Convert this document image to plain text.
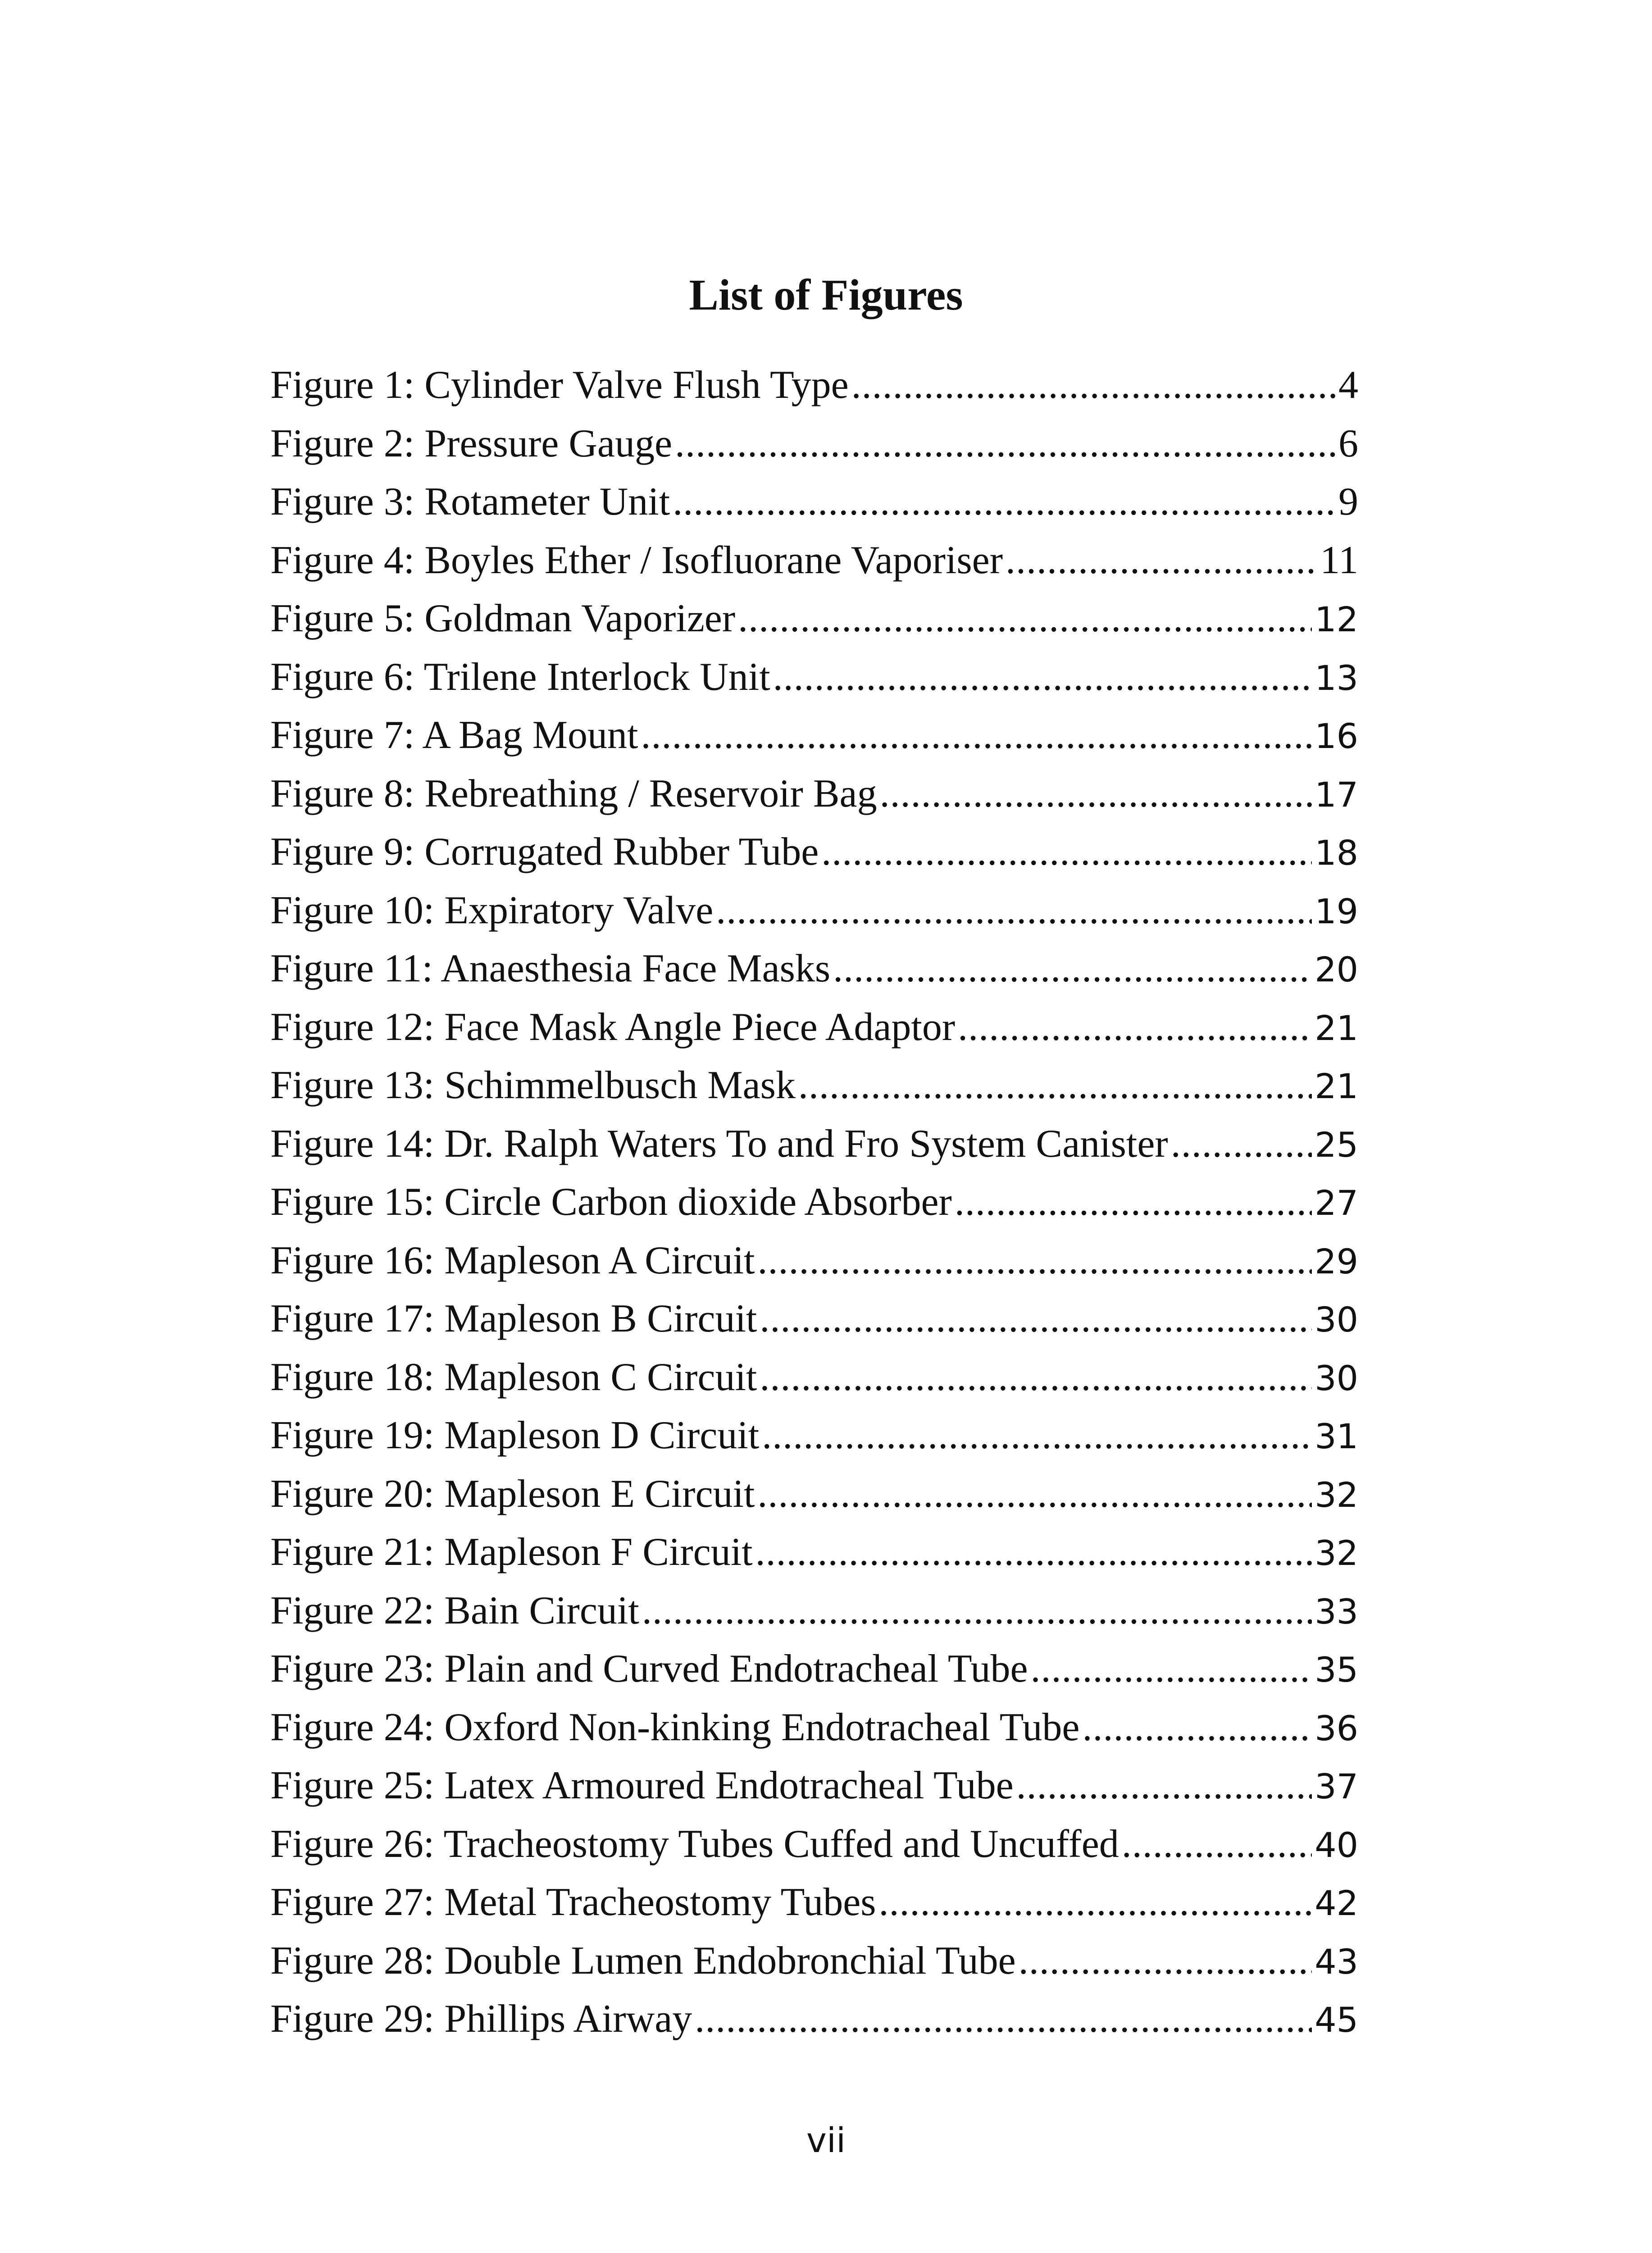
List of Figures
Figure 1: Cylinder Valve Flush Type .....	4
Figure 2: Pressure Gauge .....	6
Figure 3: Rotameter Unit .....	9
Figure 4: Boyles Ether / Isofluorane Vaporiser .....	11
Figure 5: Goldman Vaporizer .....	12
Figure 6: Trilene Interlock Unit .....	13
Figure 7: A Bag Mount .....	16
Figure 8: Rebreathing / Reservoir Bag .....	17
Figure 9: Corrugated Rubber Tube .....	18
Figure 10: Expiratory Valve .....	19
Figure 11: Anaesthesia Face Masks .....	20
Figure 12: Face Mask Angle Piece Adaptor .....	21
Figure 13: Schimmelbusch Mask .....	21
Figure 14: Dr. Ralph Waters To and Fro System Canister .....	25
Figure 15: Circle Carbon dioxide Absorber .....	27
Figure 16: Mapleson A Circuit .....	29
Figure 17: Mapleson B Circuit .....	30
Figure 18: Mapleson C Circuit .....	30
Figure 19: Mapleson D Circuit .....	31
Figure 20: Mapleson E Circuit .....	32
Figure 21: Mapleson F Circuit .....	32
Figure 22: Bain Circuit .....	33
Figure 23: Plain and Curved Endotracheal Tube .....	35
Figure 24: Oxford Non-kinking Endotracheal Tube .....	36
Figure 25: Latex Armoured Endotracheal Tube .....	37
Figure 26: Tracheostomy Tubes Cuffed and Uncuffed .....	40
Figure 27: Metal Tracheostomy Tubes .....	42
Figure 28: Double Lumen Endobronchial Tube .....	43
Figure 29: Phillips Airway .....	45
vii
